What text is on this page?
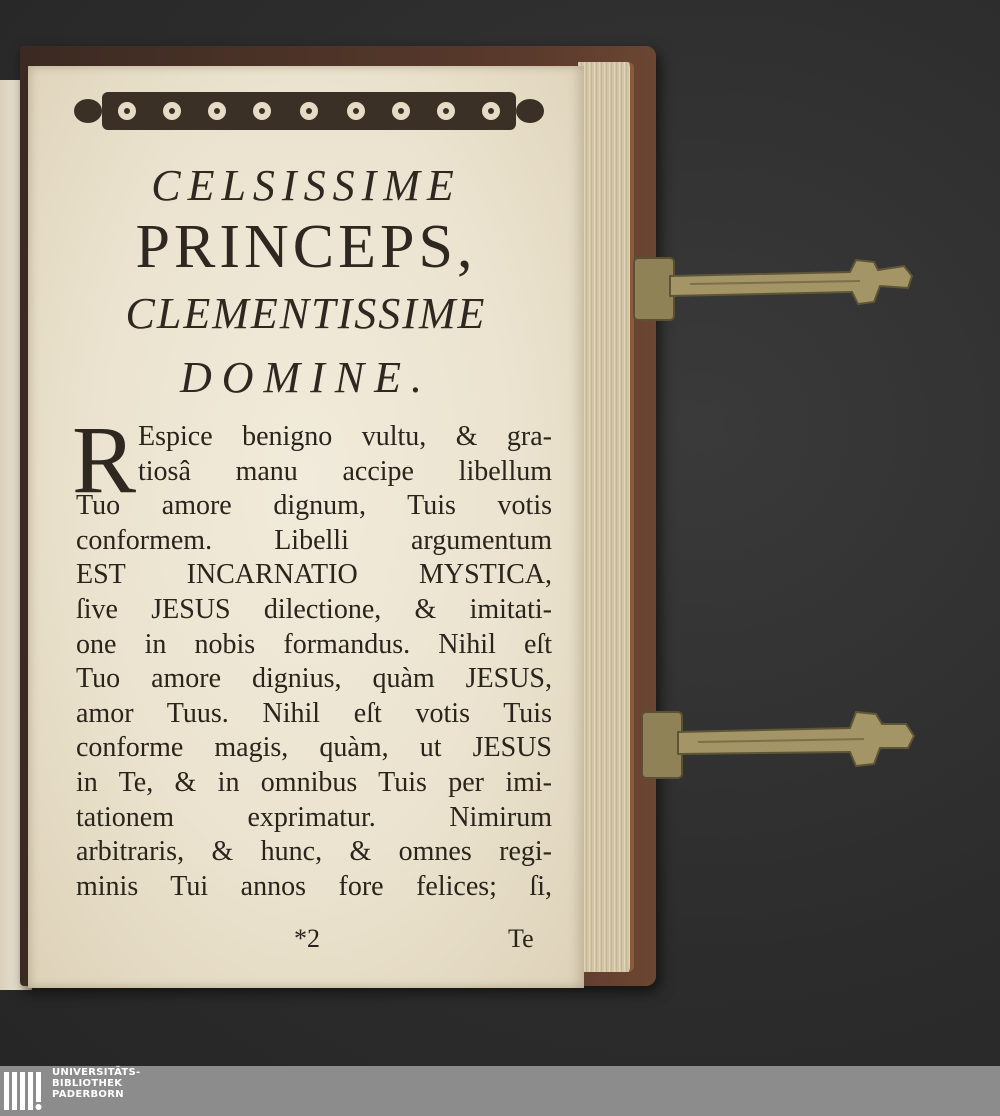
CELSISSIME
PRINCEPS,
CLEMENTISSIME
DOMINE.
R Espice benigno vultu, & gra-
tiosâ manu accipe libellum
Tuo amore dignum, Tuis votis
conformem. Libelli argumentum
EST INCARNATIO MYSTICA,
ſive JESUS dilectione, & imitati-
one in nobis formandus. Nihil eſt
Tuo amore dignius, quàm JESUS,
amor Tuus. Nihil eſt votis Tuis
conforme magis, quàm, ut JESUS
in Te, & in omnibus Tuis per imi-
tationem exprimatur. Nimirum
arbitraris, & hunc, & omnes regi-
minis Tui annos fore felices; ſi,
*2	Te
UNIVERSITÄTS-
BIBLIOTHEK
PADERBORN
